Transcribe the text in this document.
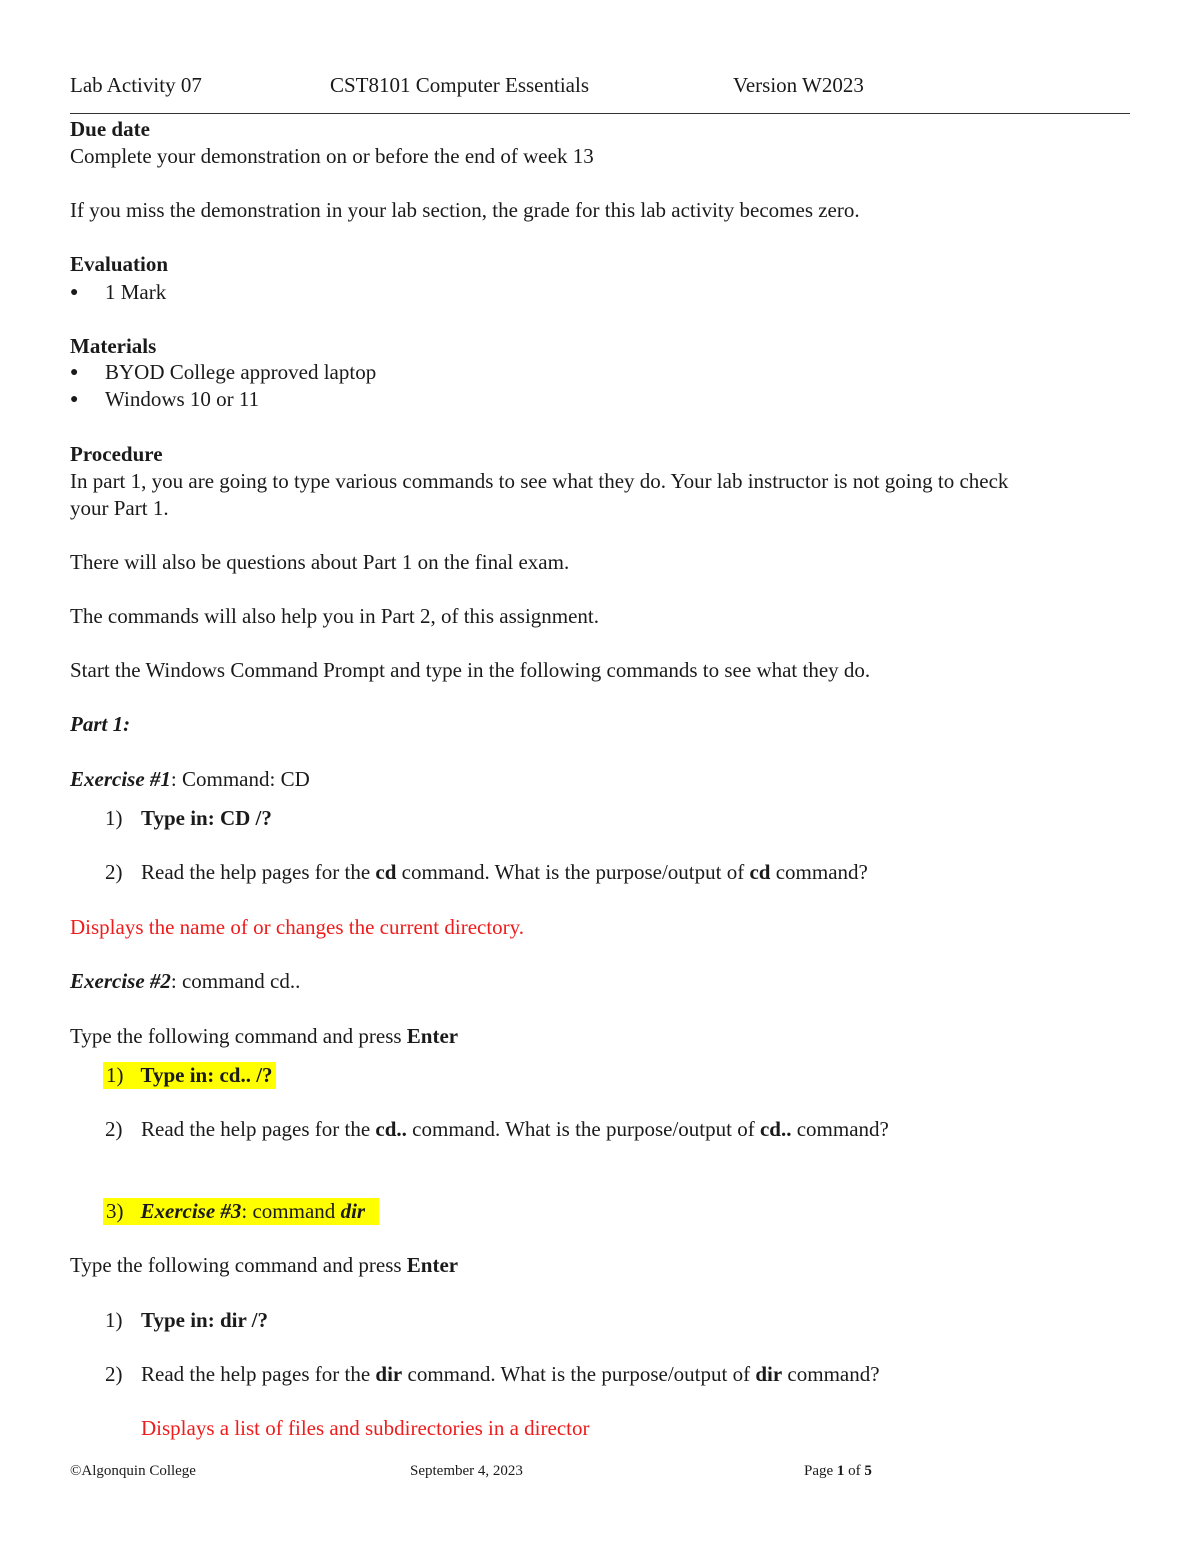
Lab Activity 07	CST8101 Computer Essentials	Version W2023
Due date
Complete your demonstration on or before the end of week 13
If you miss the demonstration in your lab section, the grade for this lab activity becomes zero.
Evaluation
● 1 Mark
Materials
● BYOD College approved laptop
● Windows 10 or 11
Procedure
In part 1, you are going to type various commands to see what they do. Your lab instructor is not going to check
your Part 1.
There will also be questions about Part 1 on the final exam.
The commands will also help you in Part 2, of this assignment.
Start the Windows Command Prompt and type in the following commands to see what they do.
Part 1:
Exercise #1: Command: CD
1) Type in: CD /?
2) Read the help pages for the cd command. What is the purpose/output of cd command?
Displays the name of or changes the current directory.
Exercise #2: command cd..
Type the following command and press Enter
1) Type in: cd.. /?
2) Read the help pages for the cd.. command. What is the purpose/output of cd.. command?
3) Exercise #3: command dir
Type the following command and press Enter
1) Type in: dir /?
2) Read the help pages for the dir command. What is the purpose/output of dir command?
Displays a list of files and subdirectories in a director
©Algonquin College	September 4, 2023	Page 1 of 5
